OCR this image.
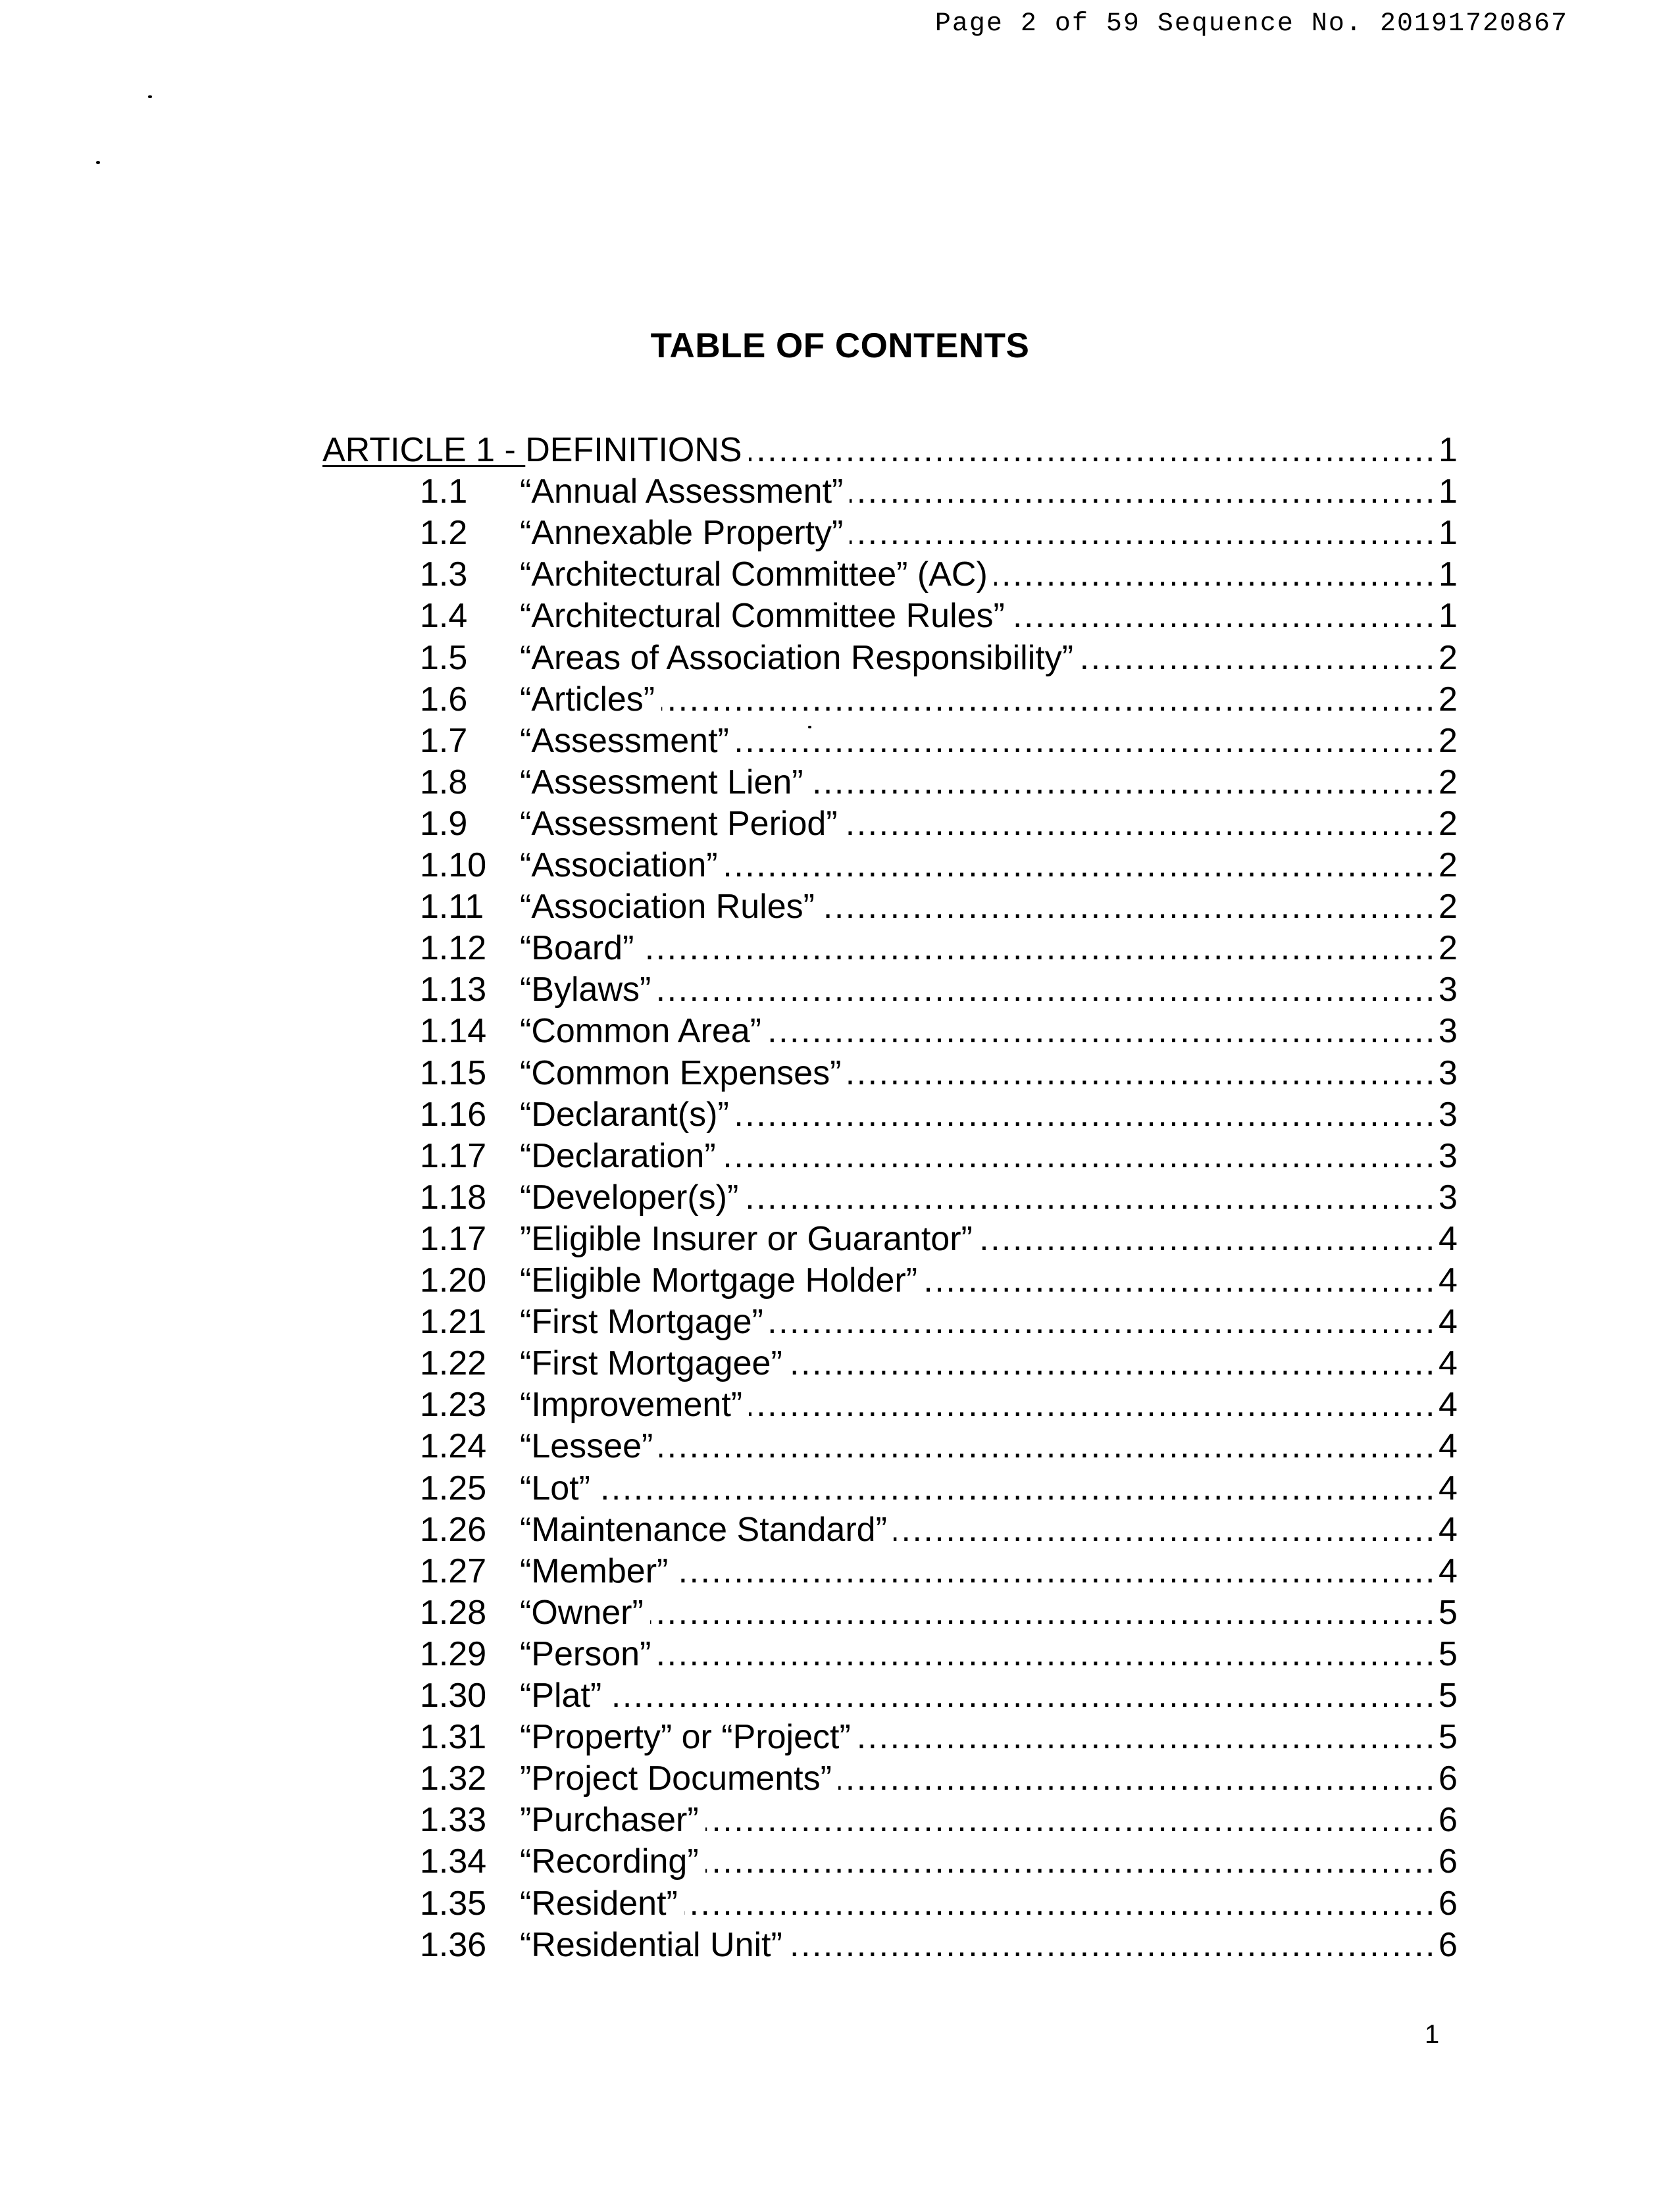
Page 2 of 59 Sequence No. 20191720867
TABLE OF CONTENTS
ARTICLE 1 - DEFINITIONS .....	1
1.1 “Annual Assessment” .....	1
1.2 “Annexable Property” .....	1
1.3 “Architectural Committee” (AC) .....	1
1.4 “Architectural Committee Rules” .....	1
1.5 “Areas of Association Responsibility” .....	2
1.6 “Articles” .....	2
1.7 “Assessment” .....	2
1.8 “Assessment Lien” .....	2
1.9 “Assessment Period” .....	2
1.10 “Association” .....	2
1.11 “Association Rules” .....	2
1.12 “Board” .....	2
1.13 “Bylaws” .....	3
1.14 “Common Area” .....	3
1.15 “Common Expenses” .....	3
1.16 “Declarant(s)” .....	3
1.17 “Declaration” .....	3
1.18 “Developer(s)” .....	3
1.17 ”Eligible Insurer or Guarantor” .....	4
1.20 “Eligible Mortgage Holder” .....	4
1.21 “First Mortgage” .....	4
1.22 “First Mortgagee” .....	4
1.23 “Improvement” .....	4
1.24 “Lessee” .....	4
1.25 “Lot” .....	4
1.26 “Maintenance Standard” .....	4
1.27 “Member” .....	4
1.28 “Owner” .....	5
1.29 “Person” .....	5
1.30 “Plat” .....	5
1.31 “Property” or “Project” .....	5
1.32 ”Project Documents” .....	6
1.33 ”Purchaser” .....	6
1.34 “Recording” .....	6
1.35 “Resident” .....	6
1.36 “Residential Unit” .....	6
1
